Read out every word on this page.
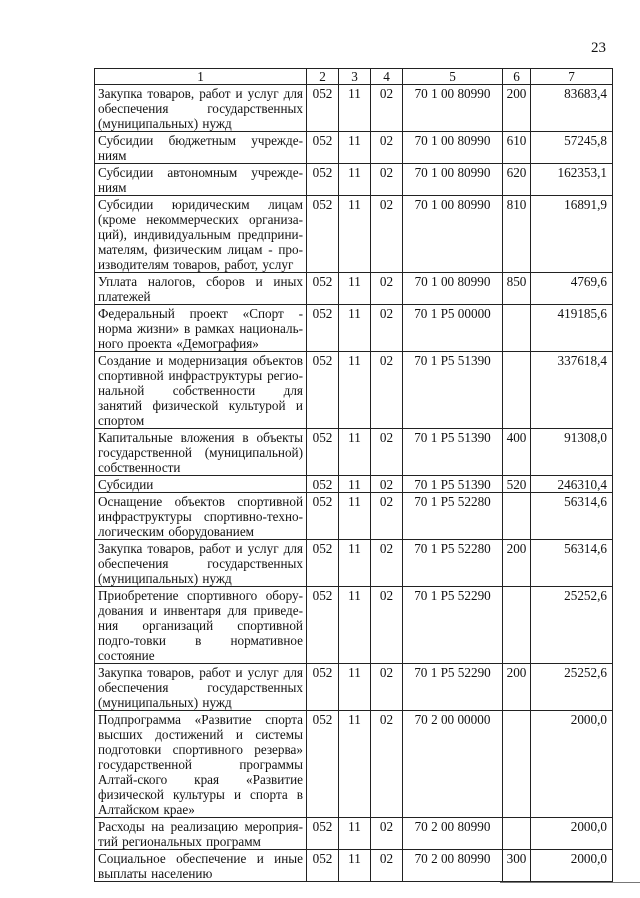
23
1	2	3	4	5	6	7
Закупка товаров, работ и услуг для обеспечения государственных (муниципальных) нужд	052	11	02	70 1 00 80990	200	83683,4
Субсидии бюджетным учрежде-ниям	052	11	02	70 1 00 80990	610	57245,8
Субсидии автономным учрежде-ниям	052	11	02	70 1 00 80990	620	162353,1
Субсидии юридическим лицам (кроме некоммерческих организа-ций), индивидуальным предприни-мателям, физическим лицам - про-изводителям товаров, работ, услуг	052	11	02	70 1 00 80990	810	16891,9
Уплата налогов, сборов и иных платежей	052	11	02	70 1 00 80990	850	4769,6
Федеральный проект «Спорт - норма жизни» в рамках националь-ного проекта «Демография»	052	11	02	70 1 P5 00000		419185,6
Создание и модернизация объектов спортивной инфраструктуры регио-нальной собственности для занятий физической культурой и спортом	052	11	02	70 1 P5 51390		337618,4
Капитальные вложения в объекты государственной (муниципальной) собственности	052	11	02	70 1 P5 51390	400	91308,0
Субсидии	052	11	02	70 1 P5 51390	520	246310,4
Оснащение объектов спортивной инфраструктуры спортивно-техно-логическим оборудованием	052	11	02	70 1 P5 52280		56314,6
Закупка товаров, работ и услуг для обеспечения государственных (муниципальных) нужд	052	11	02	70 1 P5 52280	200	56314,6
Приобретение спортивного обору-дования и инвентаря для приведе-ния организаций спортивной подго-товки в нормативное состояние	052	11	02	70 1 P5 52290		25252,6
Закупка товаров, работ и услуг для обеспечения государственных (муниципальных) нужд	052	11	02	70 1 P5 52290	200	25252,6
Подпрограмма «Развитие спорта высших достижений и системы подготовки спортивного резерва» государственной программы Алтай-ского края «Развитие физической культуры и спорта в Алтайском крае»	052	11	02	70 2 00 00000		2000,0
Расходы на реализацию мероприя-тий региональных программ	052	11	02	70 2 00 80990		2000,0
Социальное обеспечение и иные выплаты населению	052	11	02	70 2 00 80990	300	2000,0
